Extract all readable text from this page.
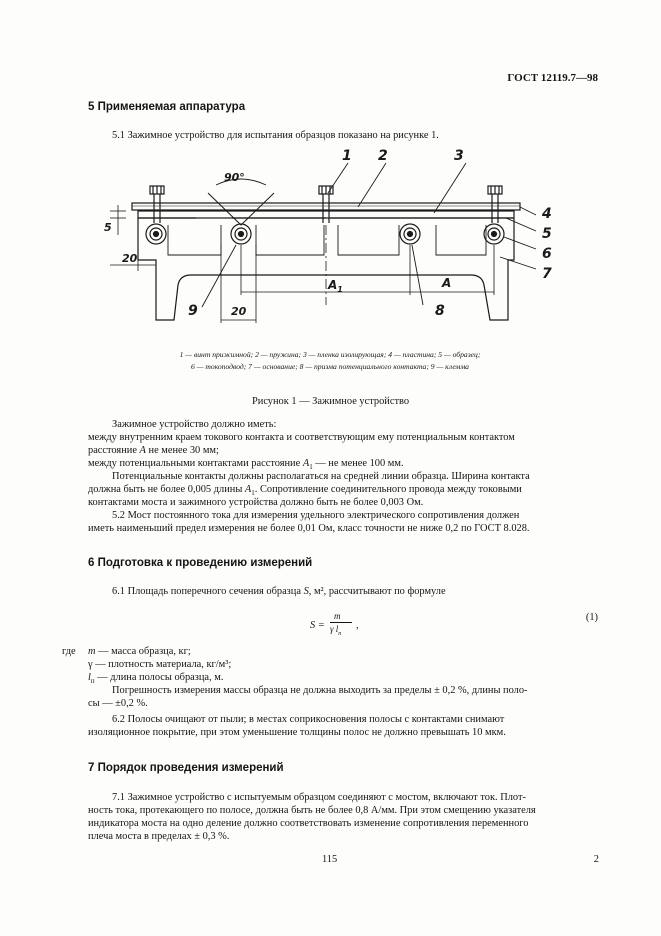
ГОСТ 12119.7—98
5 Применяемая аппаратура
5.1 Зажимное устройство для испытания образцов показано на рисунке 1.
1 2	3
4
5
6
7
8
9
90°
5
20
20
$A_1$	A
1 — винт прижимной; 2 — пружина; 3 — пленка изолирующая; 4 — пластина; 5 — образец;
6 — токоподвод; 7 — основание; 8 — призма потенциального контакта; 9 — клемма
Рисунок 1 — Зажимное устройство
Зажимное устройство должно иметь:
между внутренним краем токового контакта и соответствующим ему потенциальным контактом
расстояние A не менее 30 мм;
между потенциальными контактами расстояние $A_1$ — не менее 100 мм.
Потенциальные контакты должны располагаться на средней линии образца. Ширина контакта
должна быть не более 0,005 длины $A_1$. Сопротивление соединительного провода между токовыми
контактами моста и зажимного устройства должно быть не более 0,003 Ом.
5.2 Мост постоянного тока для измерения удельного электрического сопротивления должен
иметь наименьший предел измерения не более 0,01 Ом, класс точности не ниже 0,2 по ГОСТ 8.028.
6 Подготовка к проведению измерений
6.1 Площадь поперечного сечения образца S, м², рассчитывают по формуле
S =
m
γ $l_п$
,
(1)
где m — масса образца, кг;
γ — плотность материала, кг/м³;
$l_п$ — длина полосы образца, м.
Погрешность измерения массы образца не должна выходить за пределы ± 0,2 %, длины поло-
сы — ±0,2 %.
6.2 Полосы очищают от пыли; в местах соприкосновения полосы с контактами снимают
изоляционное покрытие, при этом уменьшение толщины полос не должно превышать 10 мкм.
7 Порядок проведения измерений
7.1 Зажимное устройство с испытуемым образцом соединяют с мостом, включают ток. Плот-
ность тока, протекающего по полосе, должна быть не более 0,8 А/мм. При этом смещению указателя
индикатора моста на одно деление должно соответствовать изменение сопротивления переменного
плеча моста в пределах ± 0,3 %.
115	2
